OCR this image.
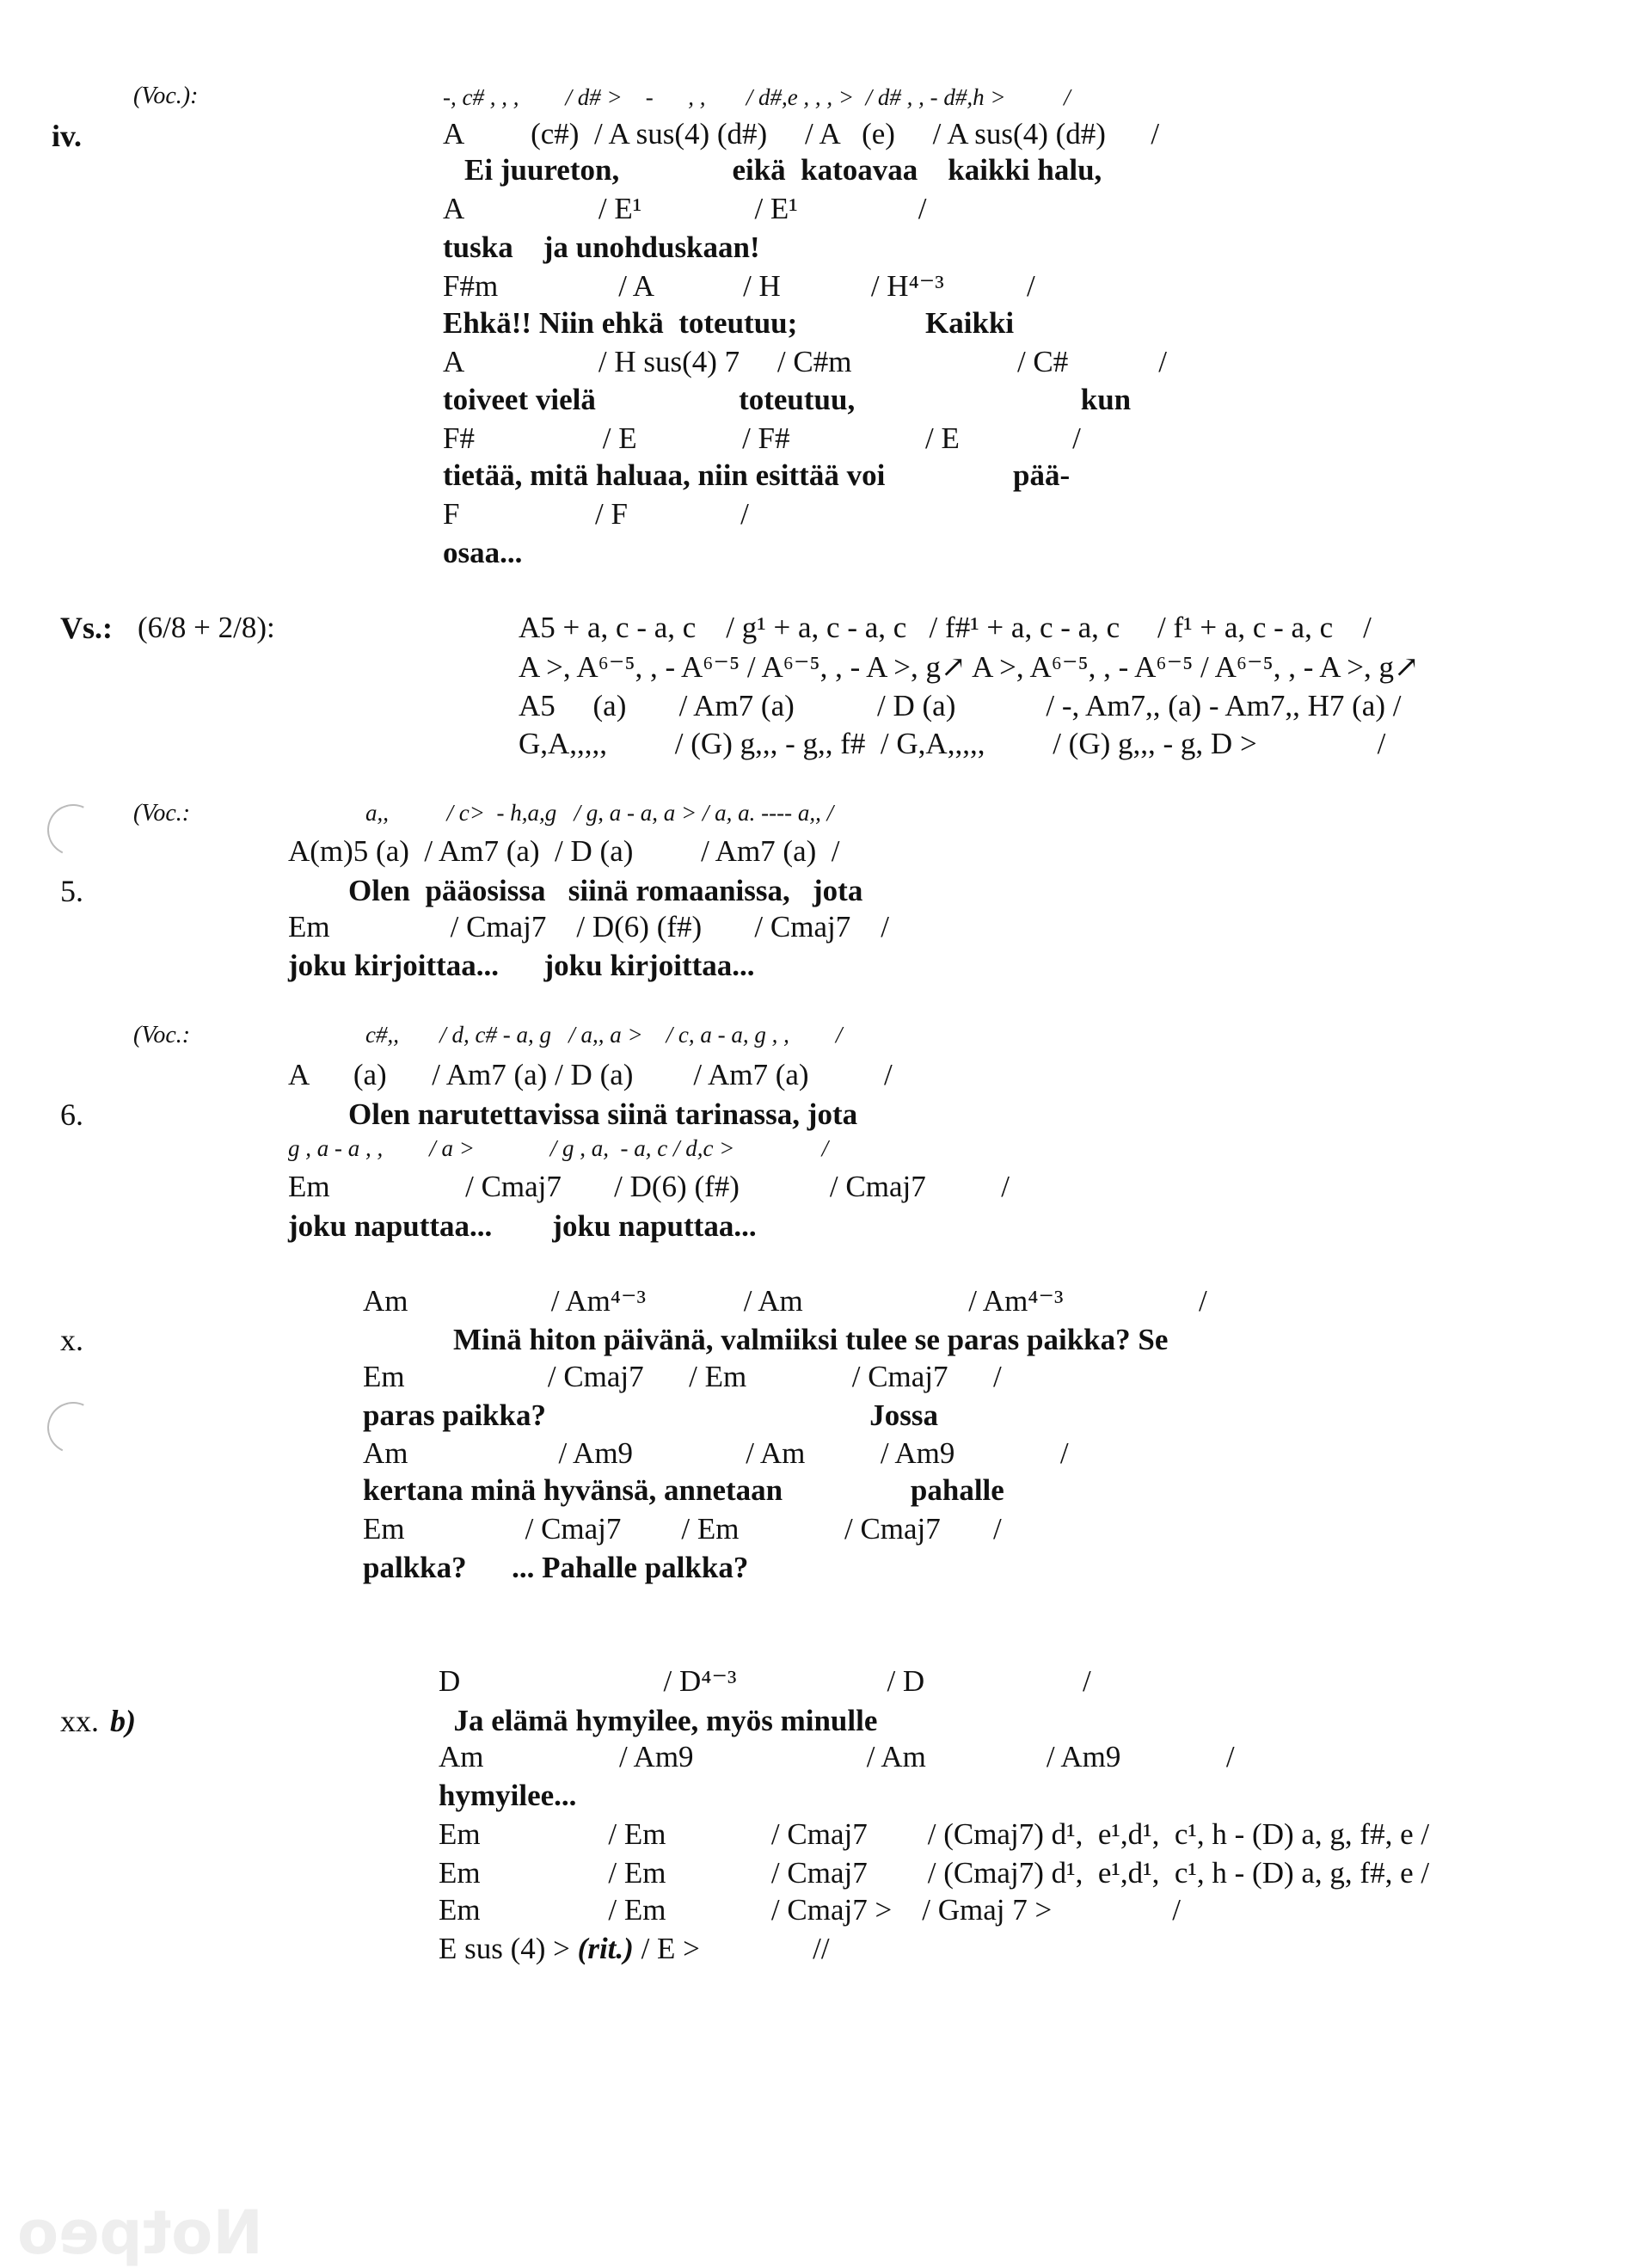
Notpeo
(Voc.):
iv.
-, c# , , ,        / d# >    -      , ,       / d#,e , , , >  / d# , , - d#,h >          /
A         (c#)  / A sus(4) (d#)     / A   (e)     / A sus(4) (d#)      /
Ei juureton,               eikä  katoavaa    kaikki halu,
A                  / E¹               / E¹                /
tuska    ja unohduskaan!
F#m                / A            / H            / H⁴⁻³           /
Ehkä!! Niin ehkä  toteutuu;                 Kaikki
A                  / H sus(4) 7     / C#m                      / C#            /
toiveet vielä                   toteutuu,                              kun
F#                 / E              / F#                  / E               /
tietää, mitä haluaa, niin esittää voi                 pää-
F                  / F               /
osaa...
Vs.: (6/8 + 2/8):	A5 + a, c - a, c    / g¹ + a, c - a, c   / f#¹ + a, c - a, c     / f¹ + a, c - a, c    /
A >, A⁶⁻⁵, , - A⁶⁻⁵ / A⁶⁻⁵, , - A >, g↗ A >, A⁶⁻⁵, , - A⁶⁻⁵ / A⁶⁻⁵, , - A >, g↗
A5     (a)       / Am7 (a)           / D (a)            / -, Am7,, (a) - Am7,, H7 (a) /
G,A,,,,,         / (G) g,,, - g,, f#  / G,A,,,,,         / (G) g,,, - g, D >                /
(Voc.:	a,,          / c>  - h,a,g   / g, a - a, a > / a, a. ---- a,, /
A(m)5 (a)  / Am7 (a)  / D (a)         / Am7 (a)  /
5.	Olen  pääosissa   siinä romaanissa,   jota
Em                / Cmaj7    / D(6) (f#)       / Cmaj7    /
joku kirjoittaa...      joku kirjoittaa...
(Voc.:	c#,,       / d, c# - a, g   / a,, a >    / c, a - a, g , ,        /
A      (a)      / Am7 (a) / D (a)        / Am7 (a)          /
6.	Olen narutettavissa siinä tarinassa, jota
g , a - a , ,        / a >             / g , a,  - a, c / d,c >               /
Em                  / Cmaj7       / D(6) (f#)            / Cmaj7          /
joku naputtaa...        joku naputtaa...
Am                   / Am⁴⁻³             / Am                      / Am⁴⁻³                  /
x.	Minä hiton päivänä, valmiiksi tulee se paras paikka? Se
Em                   / Cmaj7      / Em              / Cmaj7      /
paras paikka?                                           Jossa
Am                    / Am9               / Am          / Am9              /
kertana minä hyvänsä, annetaan                 pahalle
Em                / Cmaj7        / Em              / Cmaj7       /
palkka?      ... Pahalle palkka?
D                           / D⁴⁻³                    / D                     /
xx. b)	Ja elämä hymyilee, myös minulle
Am                  / Am9                       / Am                / Am9              /
hymyilee...
Em                 / Em              / Cmaj7        / (Cmaj7) d¹,  e¹,d¹,  c¹, h - (D) a, g, f#, e /
Em                 / Em              / Cmaj7        / (Cmaj7) d¹,  e¹,d¹,  c¹, h - (D) a, g, f#, e /
Em                 / Em              / Cmaj7 >    / Gmaj 7 >                /
E sus (4) > (rit.) / E >               //
